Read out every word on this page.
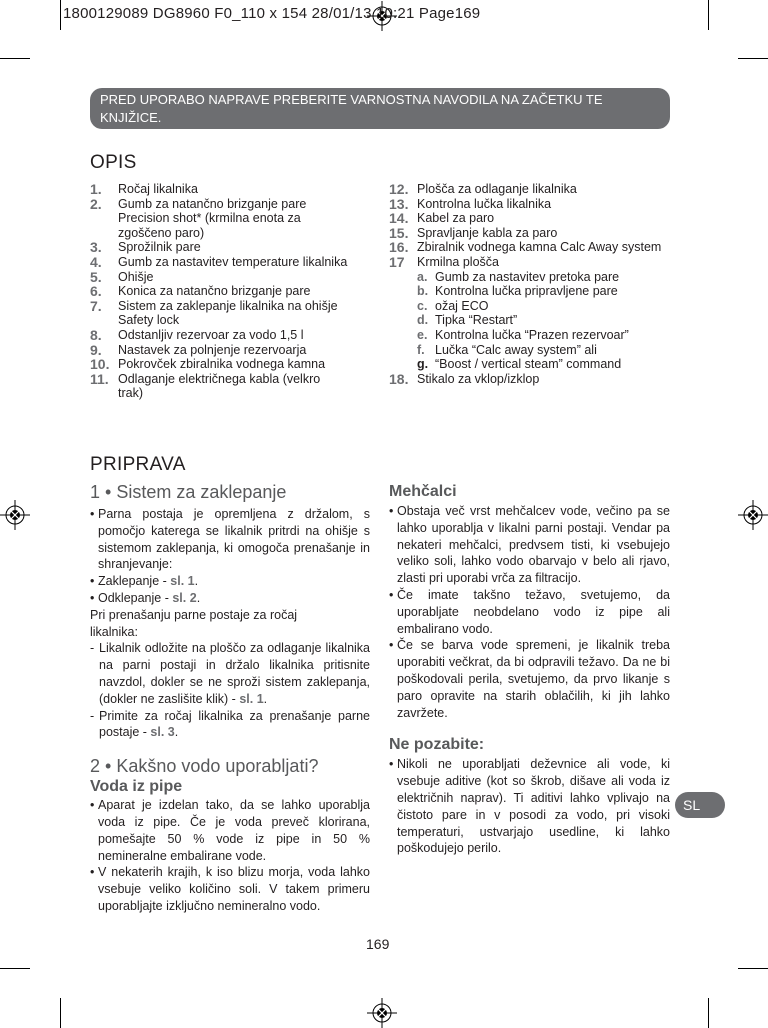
1800129089 DG8960 F0_110 x 154 28/01/13 10:21 Page169
PRED UPORABO NAPRAVE PREBERITE VARNOSTNA NAVODILA NA ZAČETKU TE KNJIŽICE.
OPIS
1. Ročaj likalnika
2. Gumb za natančno brizganje pare Precision shot* (krmilna enota za zgoščeno paro)
3. Sprožilnik pare
4. Gumb za nastavitev temperature likalnika
5. Ohišje
6. Konica za natančno brizganje pare
7. Sistem za zaklepanje likalnika na ohišje Safety lock
8. Odstanljiv rezervoar za vodo 1,5 l
9. Nastavek za polnjenje rezervoarja
10. Pokrovček zbiralnika vodnega kamna
11. Odlaganje električnega kabla (velkro trak)
12. Plošča za odlaganje likalnika
13. Kontrolna lučka likalnika
14. Kabel za paro
15. Spravljanje kabla za paro
16. Zbiralnik vodnega kamna Calc Away system
17 Krmilna plošča
a. Gumb za nastavitev pretoka pare
b. Kontrolna lučka pripravljene pare
c. ožaj ECO
d. Tipka “Restart”
e. Kontrolna lučka “Prazen rezervoar”
f. Lučka “Calc away system” ali
g. “Boost / vertical steam” command
18. Stikalo za vklop/izklop
PRIPRAVA
1 • Sistem za zaklepanje
• Parna postaja je opremljena z držalom, s pomočjo katerega se likalnik pritrdi na ohišje s sistemom zaklepanja, ki omogoča prenašanje in shranjevanje:
• Zaklepanje - sl. 1.
• Odklepanje - sl. 2.
Pri prenašanju parne postaje za ročaj likalnika:
- Likalnik odložite na ploščo za odlaganje likalnika na parni postaji in držalo likalnika pritisnite navzdol, dokler se ne sproži sistem zaklepanja, (dokler ne zaslišite klik) - sl. 1.
- Primite za ročaj likalnika za prenašanje parne postaje - sl. 3.
2 • Kakšno vodo uporabljati?
Voda iz pipe
• Aparat je izdelan tako, da se lahko uporablja voda iz pipe. Če je voda preveč klorirana, pomešajte 50 % vode iz pipe in 50 % nemineralne embalirane vode.
• V nekaterih krajih, k iso blizu morja, voda lahko vsebuje veliko količino soli. V takem primeru uporabljajte izključno nemineralno vodo.
Mehčalci
• Obstaja več vrst mehčalcev vode, večino pa se lahko uporablja v likalni parni postaji. Vendar pa nekateri mehčalci, predvsem tisti, ki vsebujejo veliko soli, lahko vodo obarvajo v belo ali rjavo, zlasti pri uporabi vrča za filtracijo.
• Če imate takšno težavo, svetujemo, da uporabljate neobdelano vodo iz pipe ali embalirano vodo.
• Če se barva vode spremeni, je likalnik treba uporabiti večkrat, da bi odpravili težavo. Da ne bi poškodovali perila, svetujemo, da prvo likanje s paro opravite na starih oblačilih, ki jih lahko zavržete.
Ne pozabite:
• Nikoli ne uporabljati deževnice ali vode, ki vsebuje aditive (kot so škrob, dišave ali voda iz električnih naprav). Ti aditivi lahko vplivajo na čistoto pare in v posodi za vodo, pri visoki temperaturi, ustvarjajo usedline, ki lahko poškodujejo perilo.
SL
169
